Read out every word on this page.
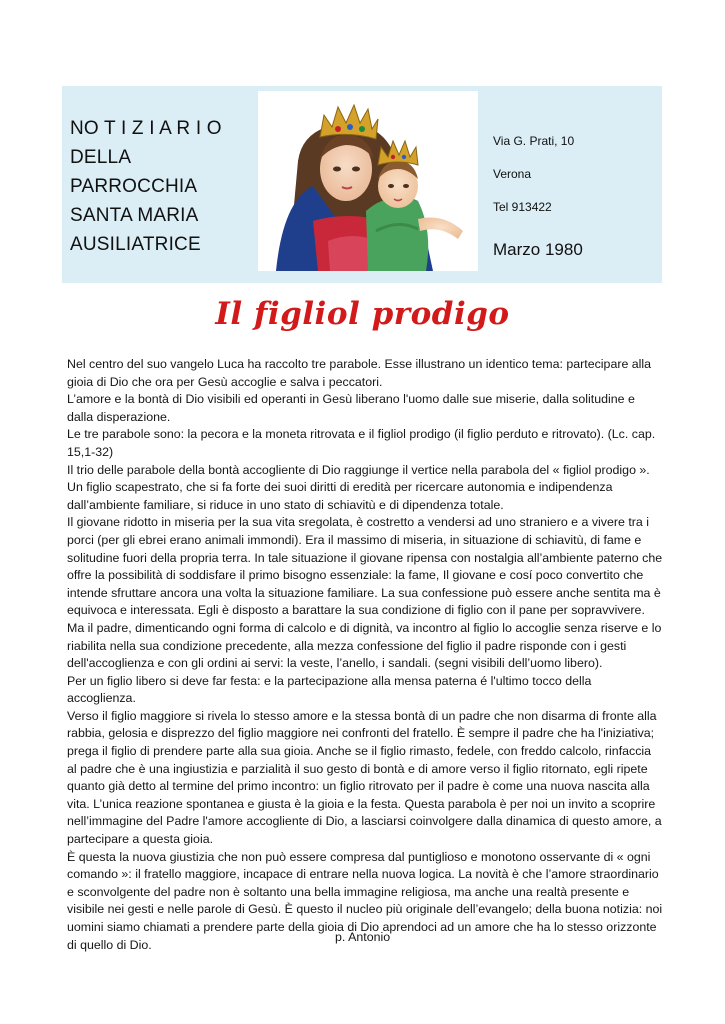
NO T I Z I A R I O
DELLA
PARROCCHIA
SANTA MARIA
AUSILIATRICE
Via G. Prati, 10
Verona
Tel 913422
Marzo 1980
Il figliol prodigo

Nel centro del suo vangelo Luca ha raccolto tre parabole. Esse illustrano un identico tema: partecipare alla gioia di Dio che ora per Gesù accoglie e salva i peccatori.

L’amore e la bontà di Dio visibili ed operanti in Gesù liberano l'uomo dalle sue miserie, dalla solitudine e dalla disperazione.

Le tre parabole sono: la pecora e la moneta ritrovata e il figliol prodigo (il figlio perduto e ritrovato). (Lc. cap. 15,1-32)

Il trio delle parabole della bontà accogliente di Dio raggiunge il vertice nella parabola del « figliol prodigo ». Un figlio scapestrato, che si fa forte dei suoi diritti di eredità per ricercare autonomia e indipendenza dall’ambiente familiare, si riduce in uno stato di schiavitù e di dipendenza totale.

Il giovane ridotto in miseria per la sua vita sregolata, è costretto a vendersi ad uno straniero e a vivere tra i porci (per gli ebrei erano animali immondi). Era il massimo di miseria, in situazione di schiavitù, di fame e solitudine fuori della propria terra. In tale situazione il giovane ripensa con nostalgia all’ambiente paterno che offre la possibilità di soddisfare il primo bisogno essenziale: la fame, Il giovane e cosí poco convertito che intende sfruttare ancora una volta la situazione familiare. La sua confessione può essere anche sentita ma è equivoca e interessata. Egli è disposto a barattare la sua condizione di figlio con il pane per sopravvivere. Ma il padre, dimenticando ogni forma di calcolo e di dignità, va incontro al figlio lo accoglie senza riserve e lo riabilita nella sua condizione precedente, alla mezza confessione del figlio il padre risponde con i gesti dell'accoglienza e con gli ordini ai servi: la veste, l’anello, i sandali. (segni visibili dell’uomo libero).

Per un figlio libero si deve far festa: e la partecipazione alla mensa paterna é l'ultimo tocco della accoglienza.

Verso il figlio maggiore si rivela lo stesso amore e la stessa bontà di un padre che non disarma di fronte alla rabbia, gelosia e disprezzo del figlio maggiore nei confronti del fratello. È sempre il padre che ha l'iniziativa; prega il figlio di prendere parte alla sua gioia. Anche se il figlio rimasto, fedele, con freddo calcolo, rinfaccia al padre che è una ingiustizia e parzialità il suo gesto di bontà e di amore verso il figlio ritornato, egli ripete quanto già detto al termine del primo incontro: un figlio ritrovato per il padre è come una nuova nascita alla vita. L’unica reazione spontanea e giusta è la gioia e la festa. Questa parabola è per noi un invito a scoprire nell’immagine del Padre l'amore accogliente di Dio, a lasciarsi coinvolgere dalla dinamica di questo amore, a partecipare a questa gioia.

È questa la nuova giustizia che non può essere compresa dal puntiglioso e monotono osservante di « ogni comando »: il fratello maggiore, incapace di entrare nella nuova logica. La novità è che l’amore straordinario e sconvolgente del padre non è soltanto una bella immagine religiosa, ma anche una realtà presente e visibile nei gesti e nelle parole di Gesù. È questo il nucleo più originale dell’evangelo; della buona notizia: noi uomini siamo chiamati a prendere parte della gioia di Dio aprendoci ad un amore che ha lo stesso orizzonte di quello di Dio.

p. Antonio
